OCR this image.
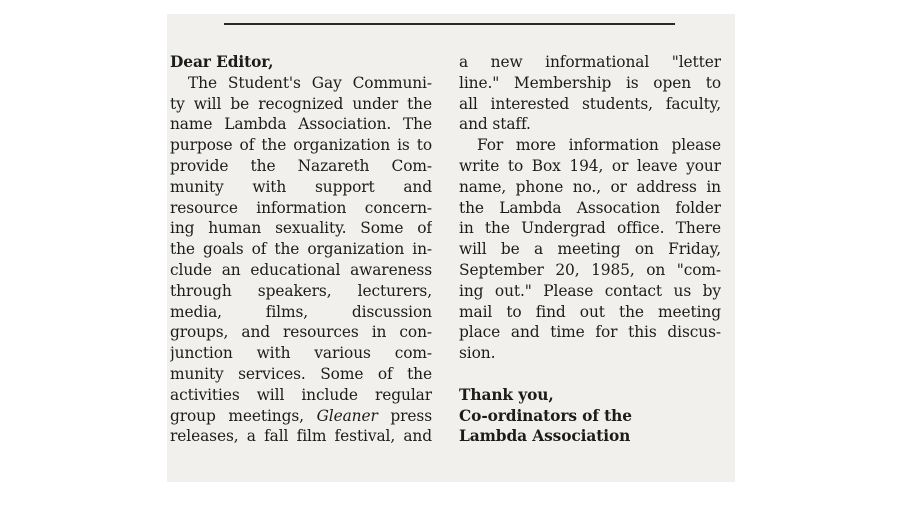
Dear Editor,
The Student's Gay Communi-
ty will be recognized under the
name Lambda Association. The
purpose of the organization is to
provide the Nazareth Com-
munity with support and
resource information concern-
ing human sexuality. Some of
the goals of the organization in-
clude an educational awareness
through speakers, lecturers,
media, films, discussion
groups, and resources in con-
junction with various com-
munity services. Some of the
activities will include regular
group meetings, Gleaner press
releases, a fall film festival, and
a new informational "letter
line." Membership is open to
all interested students, faculty,
and staff.
For more information please
write to Box 194, or leave your
name, phone no., or address in
the Lambda Assocation folder
in the Undergrad office. There
will be a meeting on Friday,
September 20, 1985, on "com-
ing out." Please contact us by
mail to find out the meeting
place and time for this discus-
sion.
Thank you,
Co-ordinators of the
Lambda Association
